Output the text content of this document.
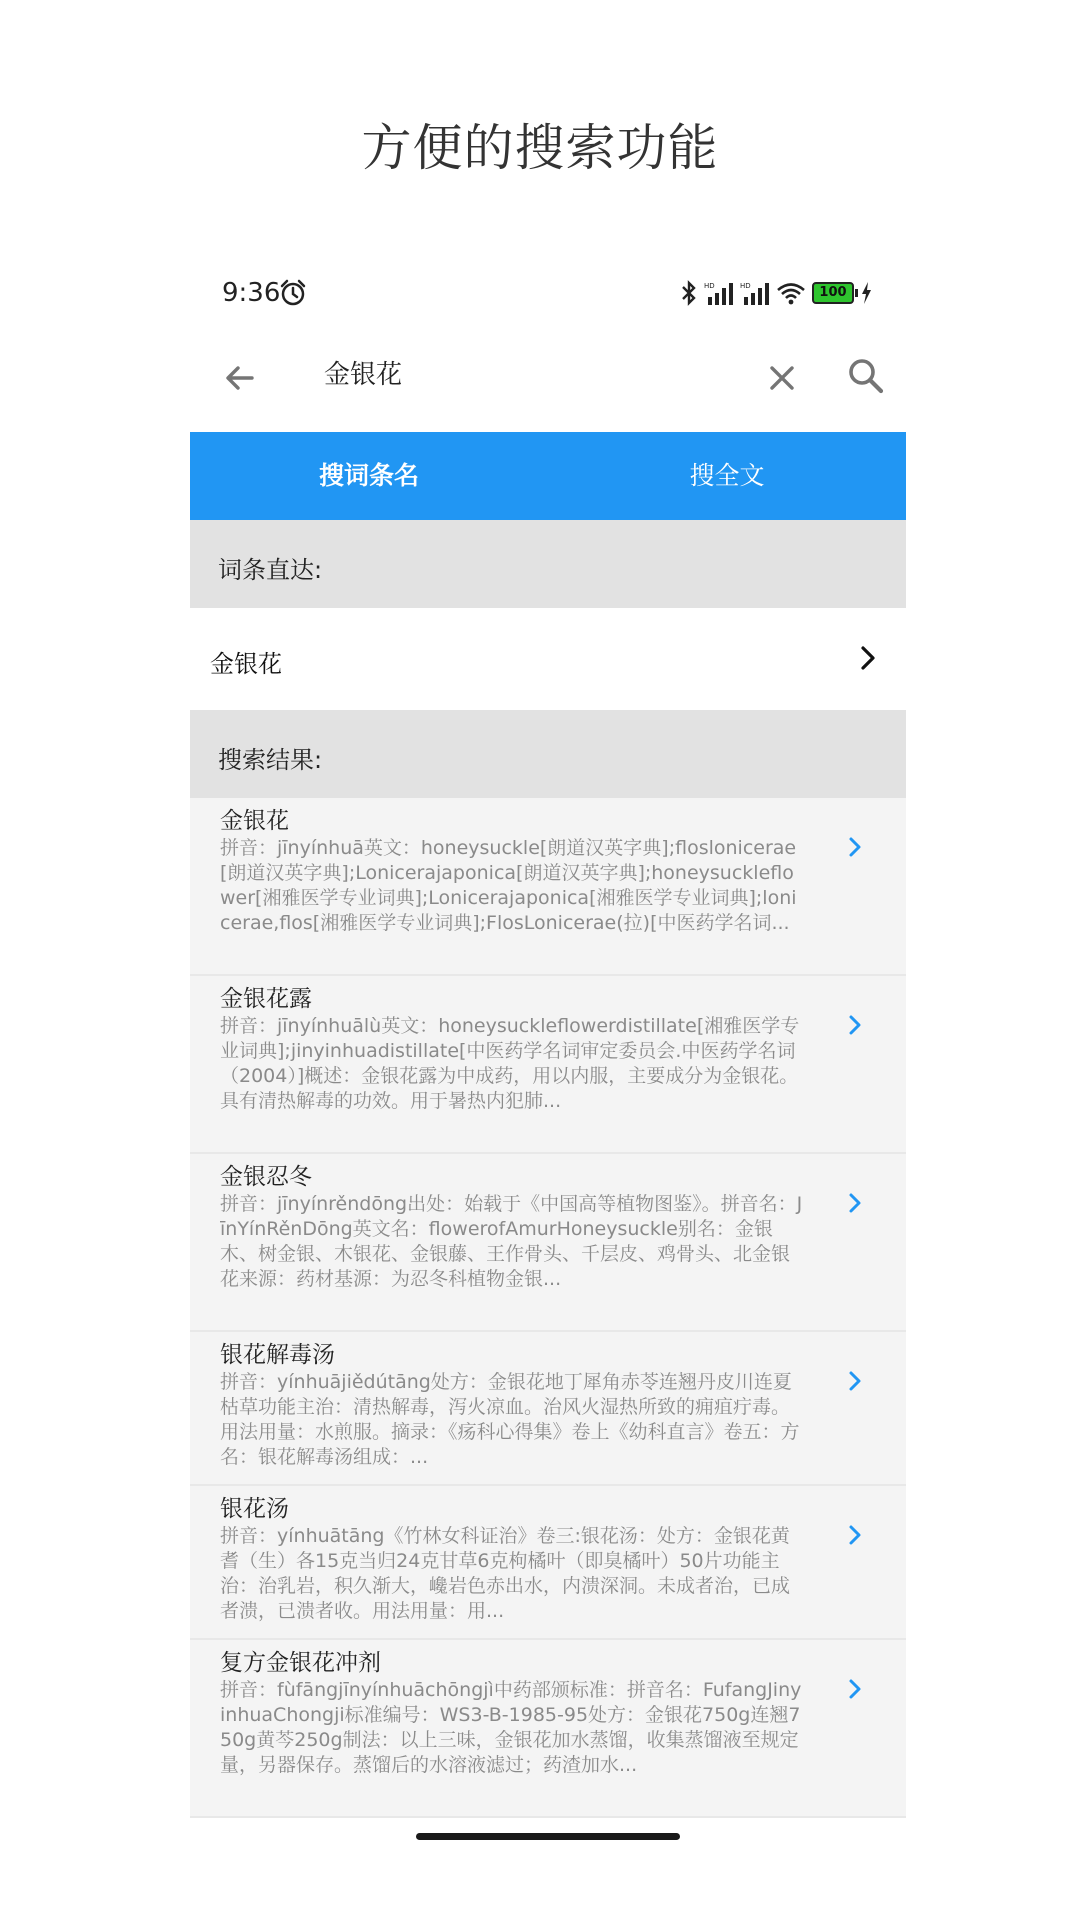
方便的搜索功能
9:36	HD	HD	100
金银花
搜词条名	搜全文
词条直达:
金银花
搜索结果:
金银花
拼音：jīnyínhuā英文：honeysuckle[朗道汉英字典];floslonicerae[朗道汉英字典];Lonicerajaponica[朗道汉英字典];honeysuckleflower[湘雅医学专业词典];Lonicerajaponica[湘雅医学专业词典];lonicerae,flos[湘雅医学专业词典];FlosLonicerae(拉)[中医药学名词...
金银花露
拼音：jīnyínhuālù英文：honeysuckleflowerdistillate[湘雅医学专业词典];jinyinhuadistillate[中医药学名词审定委员会.中医药学名词（2004）]概述：金银花露为中成药，用以内服，主要成分为金银花。具有清热解毒的功效。用于暑热内犯肺...
金银忍冬
拼音：jīnyínrěndōng出处：始载于《中国高等植物图鉴》。拼音名：JīnYínRěnDōng英文名：flowerofAmurHoneysuckle别名：金银木、树金银、木银花、金银藤、王作骨头、千层皮、鸡骨头、北金银花来源：药材基源：为忍冬科植物金银...
银花解毒汤
拼音：yínhuājiědútāng处方：金银花地丁犀角赤苓连翘丹皮川连夏枯草功能主治：清热解毒，泻火凉血。治风火湿热所致的痈疽疔毒。用法用量：水煎服。摘录：《疡科心得集》卷上《幼科直言》卷五：方名：银花解毒汤组成：...
银花汤
拼音：yínhuātāng《竹林女科证治》卷三:银花汤：处方：金银花黄耆（生）各15克当归24克甘草6克枸橘叶（即臭橘叶）50片功能主治：治乳岩，积久渐大，巉岩色赤出水，内溃深洞。未成者治，已成者溃，已溃者收。用法用量：用...
复方金银花冲剂
拼音：fùfāngjīnyínhuāchōngjì中药部颁标准：拼音名：FufangJinyinhuaChongji标准编号：WS3-B-1985-95处方：金银花750g连翘750g黄芩250g制法：以上三味，金银花加水蒸馏，收集蒸馏液至规定量，另器保存。蒸馏后的水溶液滤过；药渣加水...
